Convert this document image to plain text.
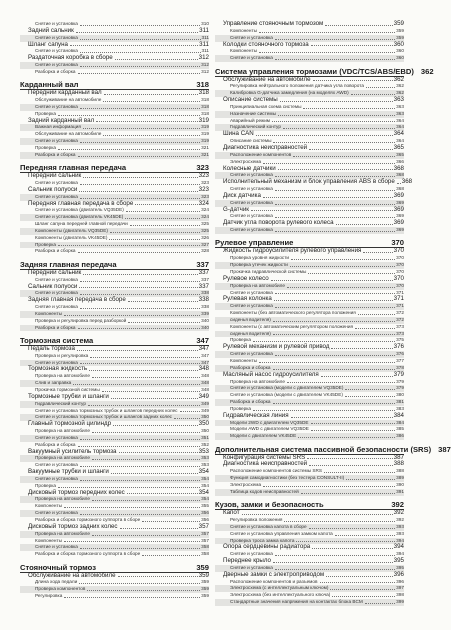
Снятие и установка	310
Задний сальник	311
Снятие и установка	311
Шланг сапуна	311
Снятие и установка	311
Раздаточная коробка в сборе	312
Снятие и установка	312
Разборка и сборка	312
Карданный вал	318
Передний карданный вал	318
Обслуживание на автомобиле	318
Снятие и установка	318
Проверка	318
Задний карданный вал	319
Важная информация	319
Обслуживание на автомобиле	319
Снятие и установка	319
Проверка	321
Разборка и сборка	321
Передняя главная передача	323
Передний сальник	323
Снятие и установка	323
Сальник полуоси	323
Снятие и установка	323
Передняя главная передача в сборе	324
Снятие и установка (двигатель VQ35DE)	324
Снятие и установка (двигатель VK45DE)	324
Шланг сапуна передней главной передачи	325
Компоненты (двигатель VQ35DE)	325
Компоненты (двигатель VK45DE)	326
Проверка	327
Разборка и сборка	328
Задняя главная передача	337
Передний сальник	337
Снятие и установка	337
Сальник полуоси	337
Снятие и установка	338
Задняя главная передача в сборе	338
Снятие и установка	338
Компоненты	339
Проверка и регулировка перед разборкой	340
Разборка и сборка	340
Тормозная система	347
Педаль тормоза	347
Проверка и регулировка	347
Снятие и установка	347
Тормозная жидкость	348
Проверка на автомобиле	348
Слив и заправка	348
Прокачка тормозной системы	348
Тормозные трубки и шланги	349
Гидравлический контур	349
Снятие и установка тормозных трубок и шлангов передних колес	349
Снятие и установка тормозных трубок и шлангов задних колес	350
Главный тормозной цилиндр	350
Проверка на автомобиле	350
Снятие и установка	351
Разборка и сборка	352
Вакуумный усилитель тормоза	353
Проверка на автомобиле	353
Снятие и установка	353
Вакуумные трубки и шланги	354
Снятие и установка	354
Проверка	354
Дисковый тормоз передних колес	354
Проверка на автомобиле	354
Компоненты	355
Снятие и установка	356
Разборка и сборка тормозного суппорта в сборе	356
Дисковый тормоз задних колес	357
Проверка на автомобиле	357
Компоненты	357
Снятие и установка	358
Разборка и сборка тормозного суппорта в сборе	358
Стояночный тормоз	359
Обслуживание на автомобиле	359
Длина хода педали	359
Проверка компонентов	359
Регулировка	359
Управление стояночным тормозом	359
Компоненты	359
Снятие и установка	359
Колодки стояночного тормоза	360
Компоненты	360
Снятие и установка	360
Система управления тормозами (VDC/TCS/ABS/EBD) 362
Обслуживание на автомобиле	362
Регулировка нейтрального положения датчика угла поворота	362
Калибровка G-датчика замедления (на моделях AWD)	362
Описание системы	363
Принципиальная схема системы	363
Назначение системы	363
Аварийный режим	364
Гидравлический контур	364
Шина CAN	364
Описание системы	364
Диагностика неисправностей	365
Расположение компонентов	365
Электросхема	366
Колесные датчики	368
Снятие и установка	368
Исполнительный механизм и блок управления ABS в сборе 368
Снятие и установка	368
Диск датчика	369
Снятие и установка	369
G-датчик	369
Снятие и установка	369
Датчик угла поворота рулевого колеса	369
Снятие и установка	369
Рулевое управление	370
Жидкость гидроусилителя рулевого управления	370
Проверка уровня жидкости	370
Проверка утечек жидкости	370
Прокачка гидравлической системы	370
Рулевое колесо	370
Проверка на автомобиле	370
Снятие и установка	371
Рулевая колонка	371
Снятие и установка	371
Компоненты (без автоматического регулятора положения	372
сиденья водителя)	372
Компоненты (с автоматическим регулятором положения	373
сиденья водителя)	373
Проверка	375
Рулевой механизм и рулевой привод	376
Снятие и установка	376
Компоненты	377
Разборка и сборка	378
Масляный насос гидроусилителя	379
Проверка на автомобиле	379
Снятие и установка (модели с двигателем VQ35DE)	379
Снятие и установка (модели с двигателем VK45DE)	380
Разборка и сборка	381
Проверка	383
Гидравлическая линия	384
Модели 2WD с двигателем VQ35DE	384
Модели AWD с двигателем VQ35DE	385
Модели с двигателем VK45DE	386
Дополнительная система пассивной безопасности (SRS) 387
Конфигурация системы SRS	387
Диагностика неисправностей	388
Расположение компонентов системы SRS	388
Функция самодиагностики (без тестера CONSULT-II)	389
Электросхема	390
Таблица кодов неисправностей	391
Кузов, замки и безопасность	392
Капот	392
Регулировка положения	392
Снятие и установка капота в сборе	393
Снятие и установка управления замком капота	393
Проверка троса замка капота	394
Опора сердцевины радиатора	394
Снятие и установка	394
Переднее крыло	395
Снятие и установка	395
Дверные замки с электроприводом	396
Расположение компонентов и разъемов	396
Электросхема (с интеллектуальным ключом)	397
Электросхема (без интеллектуального ключа)	398
Стандартные значения напряжения на контактах блока BCM	399
